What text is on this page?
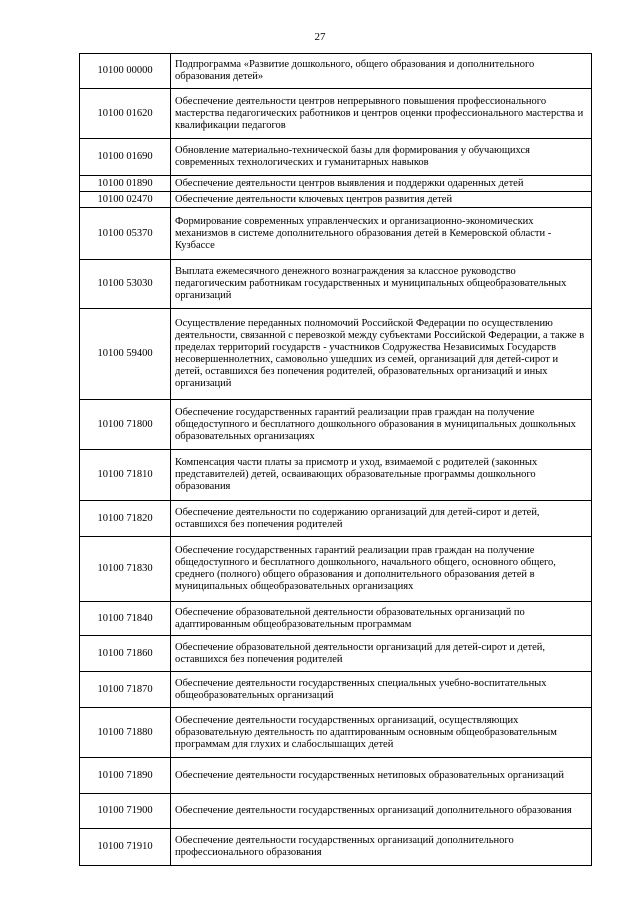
27
10100 00000	Подпрограмма «Развитие дошкольного, общего образования и дополнительного образования детей»
10100 01620	Обеспечение деятельности центров непрерывного повышения профессионального мастерства педагогических работников и центров оценки профессионального мастерства и квалификации педагогов
10100 01690	Обновление материально-технической базы для формирования у обучающихся современных технологических и гуманитарных навыков
10100 01890	Обеспечение деятельности центров выявления и поддержки одаренных детей
10100 02470	Обеспечение деятельности ключевых центров развития детей
10100 05370	Формирование современных управленческих и организационно-экономических механизмов в системе дополнительного образования детей в Кемеровской области - Кузбассе
10100 53030	Выплата ежемесячного денежного вознаграждения за классное руководство педагогическим работникам государственных и муниципальных общеобразовательных организаций
10100 59400	Осуществление переданных полномочий Российской Федерации по осуществлению деятельности, связанной с перевозкой между субъектами Российской Федерации, а также в пределах территорий государств - участников Содружества Независимых Государств несовершеннолетних, самовольно ушедших из семей, организаций для детей-сирот и детей, оставшихся без попечения родителей, образовательных организаций и иных организаций
10100 71800	Обеспечение государственных гарантий реализации прав граждан на получение общедоступного и бесплатного дошкольного образования в муниципальных дошкольных образовательных организациях
10100 71810	Компенсация части платы за присмотр и уход, взимаемой с родителей (законных представителей) детей, осваивающих образовательные программы дошкольного образования
10100 71820	Обеспечение деятельности по содержанию организаций для детей-сирот и детей, оставшихся без попечения родителей
10100 71830	Обеспечение государственных гарантий реализации прав граждан на получение общедоступного и бесплатного дошкольного, начального общего, основного общего, среднего (полного) общего образования и дополнительного образования детей в муниципальных общеобразовательных организациях
10100 71840	Обеспечение образовательной деятельности образовательных организаций по адаптированным общеобразовательным программам
10100 71860	Обеспечение образовательной деятельности организаций для детей-сирот и детей, оставшихся без попечения родителей
10100 71870	Обеспечение деятельности государственных специальных учебно-воспитательных общеобразовательных организаций
10100 71880	Обеспечение деятельности государственных организаций, осуществляющих образовательную деятельность по адаптированным основным общеобразовательным программам для глухих и слабослышащих детей
10100 71890	Обеспечение деятельности государственных нетиповых образовательных организаций
10100 71900	Обеспечение деятельности государственных организаций дополнительного образования
10100 71910	Обеспечение деятельности государственных организаций дополнительного профессионального образования
